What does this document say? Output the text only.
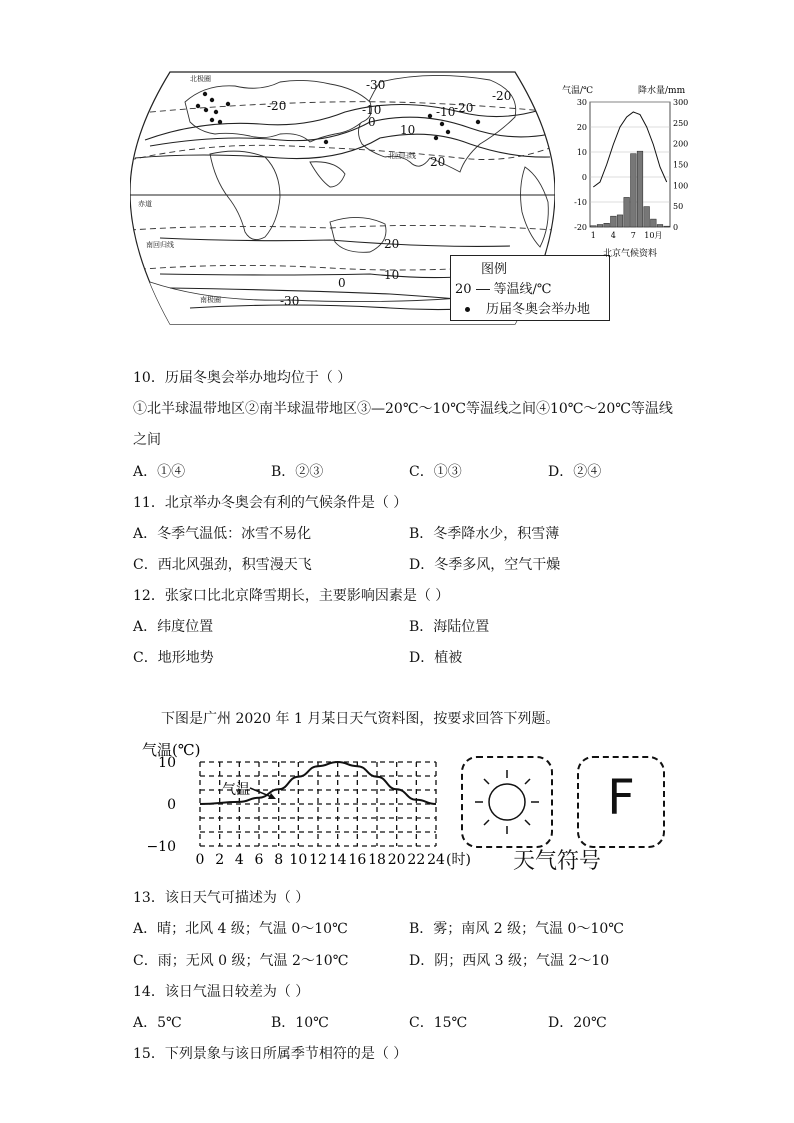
-30
-20	-10
0
10
20
-10
-20
-20
20
10
0
-30
北极圈
北回归线
赤道
南回归线
南极圈
图例
20 等温线/℃
历届冬奥会举办地
气温/℃	降水量/mm
30
20
10
0
-10
-20
300
250
200
150
100
50
0
1 4 7 10月
北京气候资料
10．历届冬奥会举办地均位于（ ）
①北半球温带地区②南半球温带地区③—20℃～10℃等温线之间④10℃～20℃等温线
之间
A．①④	B．②③	C．①③	D．②④
11．北京举办冬奥会有利的气候条件是（ ）
A．冬季气温低：冰雪不易化	B．冬季降水少，积雪薄
C．西北风强劲，积雪漫天飞	D．冬季多风，空气干燥
12．张家口比北京降雪期长，主要影响因素是（ ）
A．纬度位置	B．海陆位置
C．地形地势	D．植被
下图是广州 2020 年 1 月某日天气资料图，按要求回答下列题。
气温(℃)
10
0
−10
0 2 4 6 8 10 12 14 16 18 20 22 24 (时)
气温	F
天气符号
13．该日天气可描述为（ ）
A．晴；北风 4 级；气温 0～10℃	B．雾；南风 2 级；气温 0～10℃
C．雨；无风 0 级；气温 2～10℃	D．阴；西风 3 级；气温 2～10
14．该日气温日较差为（ ）
A．5℃	B．10℃	C．15℃	D．20℃
15．下列景象与该日所属季节相符的是（ ）
